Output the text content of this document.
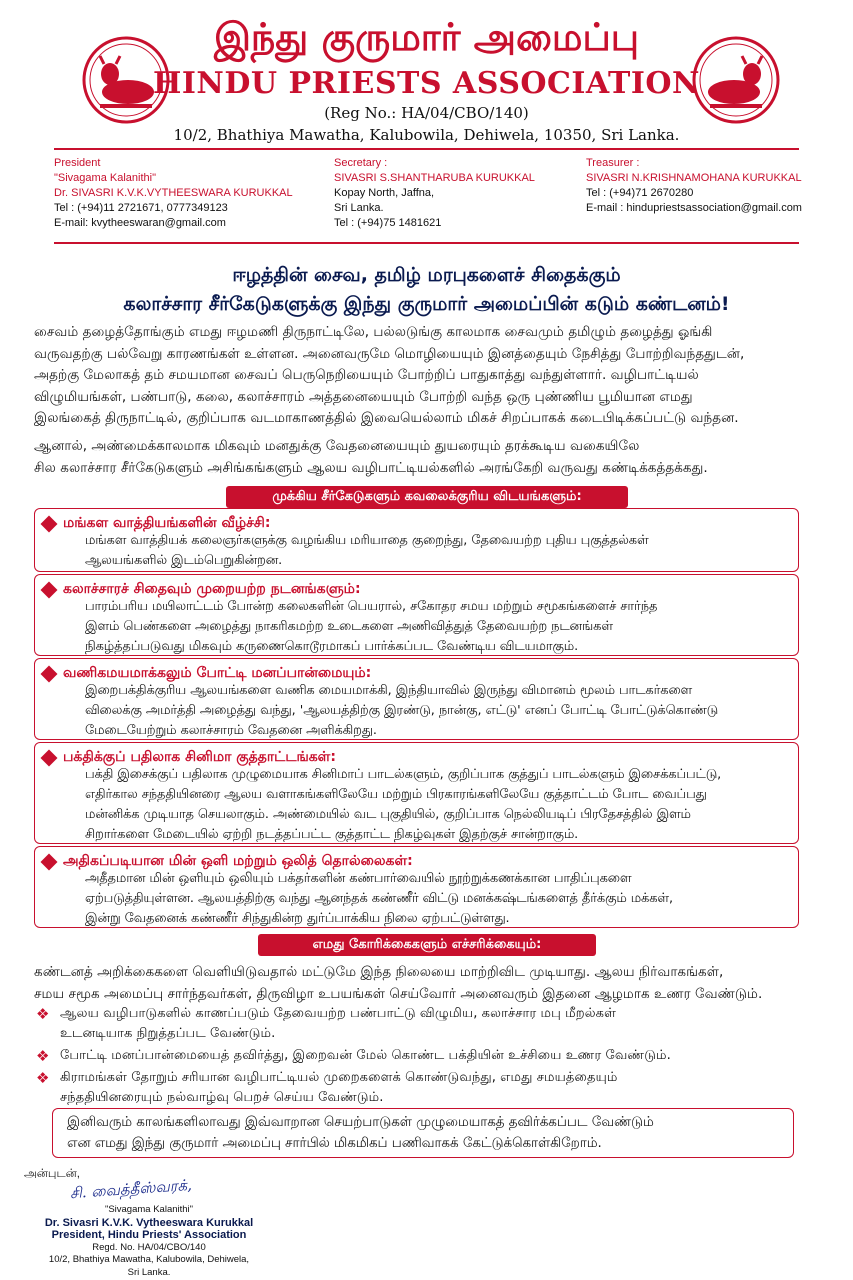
இந்து குருமார் அமைப்பு
HINDU PRIESTS ASSOCIATION
(Reg No.: HA/04/CBO/140)
10/2, Bhathiya Mawatha, Kalubowila, Dehiwela, 10350, Sri Lanka.
President
"Sivagama Kalanithi"
Dr. SIVASRI K.V.K.VYTHEESWARA KURUKKAL
Tel : (+94)11 2721671, 0777349123
E-mail: kvytheeswaran@gmail.com
Secretary :
SIVASRI S.SHANTHARUBA KURUKKAL
Kopay North, Jaffna,
Sri Lanka.
Tel : (+94)75 1481621
Treasurer :
SIVASRI N.KRISHNAMOHANA KURUKKAL
Tel : (+94)71 2670280
E-mail : hindupriestsassociation@gmail.com
ஈழத்தின் சைவ, தமிழ் மரபுகளைச் சிதைக்கும்
கலாச்சார சீர்கேடுகளுக்கு இந்து குருமார் அமைப்பின் கடும் கண்டனம்!
சைவம் தழைத்தோங்கும் எமது ஈழமணி திருநாட்டிலே, பல்லடுங்கு காலமாக சைவமும் தமிழும் தழைத்து ஓங்கி
வருவதற்கு பல்வேறு காரணங்கள் உள்ளன. அனைவருமே மொழியையும் இனத்தையும் நேசித்து போற்றிவந்ததுடன்,
அதற்கு மேலாகத் தம் சமயமான சைவப் பெருநெறியையும் போற்றிப் பாதுகாத்து வந்துள்ளார். வழிபாட்டியல்
விழுமியங்கள், பண்பாடு, கலை, கலாச்சாரம் அத்தனையையும் போற்றி வந்த ஒரு புண்ணிய பூமியான எமது
இலங்கைத் திருநாட்டில், குறிப்பாக வடமாகாணத்தில் இவையெல்லாம் மிகச் சிறப்பாகக் கடைபிடிக்கப்பட்டு வந்தன.
ஆனால், அண்மைக்காலமாக மிகவும் மனதுக்கு வேதனையையும் துயரையும் தரக்கூடிய வகையிலே
சில கலாச்சார சீர்கேடுகளும் அசிங்கங்களும் ஆலய வழிபாட்டியல்களில் அரங்கேறி வருவது கண்டிக்கத்தக்கது.
முக்கிய சீர்கேடுகளும் கவலைக்குரிய விடயங்களும்:
மங்கள வாத்தியங்களின் வீழ்ச்சி:
மங்கள வாத்தியக் கலைஞர்களுக்கு வழங்கிய மரியாதை குறைந்து, தேவையற்ற புதிய புகுத்தல்கள்
ஆலயங்களில் இடம்பெறுகின்றன.
கலாச்சாரச் சிதைவும் முறையற்ற நடனங்களும்:
பாரம்பரிய மயிலாட்டம் போன்ற கலைகளின் பெயரால், சகோதர சமய மற்றும் சமூகங்களைச் சார்ந்த
இளம் பெண்களை அழைத்து நாகரிகமற்ற உடைகளை அணிவித்துத் தேவையற்ற நடனங்கள்
நிகழ்த்தப்படுவது மிகவும் கருணைகொடூரமாகப் பார்க்கப்பட வேண்டிய விடயமாகும்.
வணிகமயமாக்கலும் போட்டி மனப்பான்மையும்:
இறைபக்திக்குரிய ஆலயங்களை வணிக மையமாக்கி, இந்தியாவில் இருந்து விமானம் மூலம் பாடகர்களை
விலைக்கு அமர்த்தி அழைத்து வந்து, 'ஆலயத்திற்கு இரண்டு, நான்கு, எட்டு' எனப் போட்டி போட்டுக்கொண்டு
மேடையேற்றும் கலாச்சாரம் வேதனை அளிக்கிறது.
பக்திக்குப் பதிலாக சினிமா குத்தாட்டங்கள்:
பக்தி இசைக்குப் பதிலாக முழுமையாக சினிமாப் பாடல்களும், குறிப்பாக குத்துப் பாடல்களும் இசைக்கப்பட்டு,
எதிர்கால சந்ததியினரை ஆலய வளாகங்களிலேயே மற்றும் பிரகாரங்களிலேயே குத்தாட்டம் போட வைப்பது
மன்னிக்க முடியாத செயலாகும். அண்மையில் வட புகுதியில், குறிப்பாக நெல்லியடிப் பிரதேசத்தில் இளம்
சிறார்களை மேடையில் ஏற்றி நடத்தப்பட்ட குத்தாட்ட நிகழ்வுகள் இதற்குச் சான்றாகும்.
அதிகப்படியான மின் ஒளி மற்றும் ஒலித் தொல்லைகள்:
அதீதமான மின் ஒளியும் ஒலியும் பக்தர்களின் கண்பார்வையில் நூற்றுக்கணக்கான பாதிப்புகளை
ஏற்படுத்தியுள்ளன. ஆலயத்திற்கு வந்து ஆனந்தக் கண்ணீர் விட்டு மனக்கஷ்டங்களைத் தீர்க்கும் மக்கள்,
இன்று வேதனைக் கண்ணீர் சிந்துகின்ற துர்ப்பாக்கிய நிலை ஏற்பட்டுள்ளது.
எமது கோரிக்கைகளும் எச்சரிக்கையும்:
கண்டனத் அறிக்கைகளை வெளியிடுவதால் மட்டுமே இந்த நிலையை மாற்றிவிட முடியாது. ஆலய நிர்வாகங்கள்,
சமய சமூக அமைப்பு சார்ந்தவர்கள், திருவிழா உபயங்கள் செய்வோர் அனைவரும் இதனை ஆழமாக உணர வேண்டும்.
❖ ஆலய வழிபாடுகளில் காணப்படும் தேவையற்ற பண்பாட்டு விழுமிய, கலாச்சார மபு மீறல்கள்
உடனடியாக நிறுத்தப்பட வேண்டும்.
❖ போட்டி மனப்பான்மையைத் தவிர்த்து, இறைவன் மேல் கொண்ட பக்தியின் உச்சியை உணர வேண்டும்.
❖ கிராமங்கள் தோறும் சரியான வழிபாட்டியல் முறைகளைக் கொண்டுவந்து, எமது சமயத்தையும்
சந்ததியினரையும் நல்வாழ்வு பெறச் செய்ய வேண்டும்.
இனிவரும் காலங்களிலாவது இவ்வாறான செயற்பாடுகள் முழுமையாகத் தவிர்க்கப்பட வேண்டும்
என எமது இந்து குருமார் அமைப்பு சார்பில் மிகமிகப் பணிவாகக் கேட்டுக்கொள்கிறோம்.
அன்புடன்,
சி. வைத்தீஸ்வரக்,
"Sivagama Kalanithi"
Dr. Sivasri K.V.K. Vytheeswara Kurukkal
President, Hindu Priests' Association
Regd. No. HA/04/CBO/140
10/2, Bhathiya Mawatha, Kalubowila, Dehiwela,
Sri Lanka.
